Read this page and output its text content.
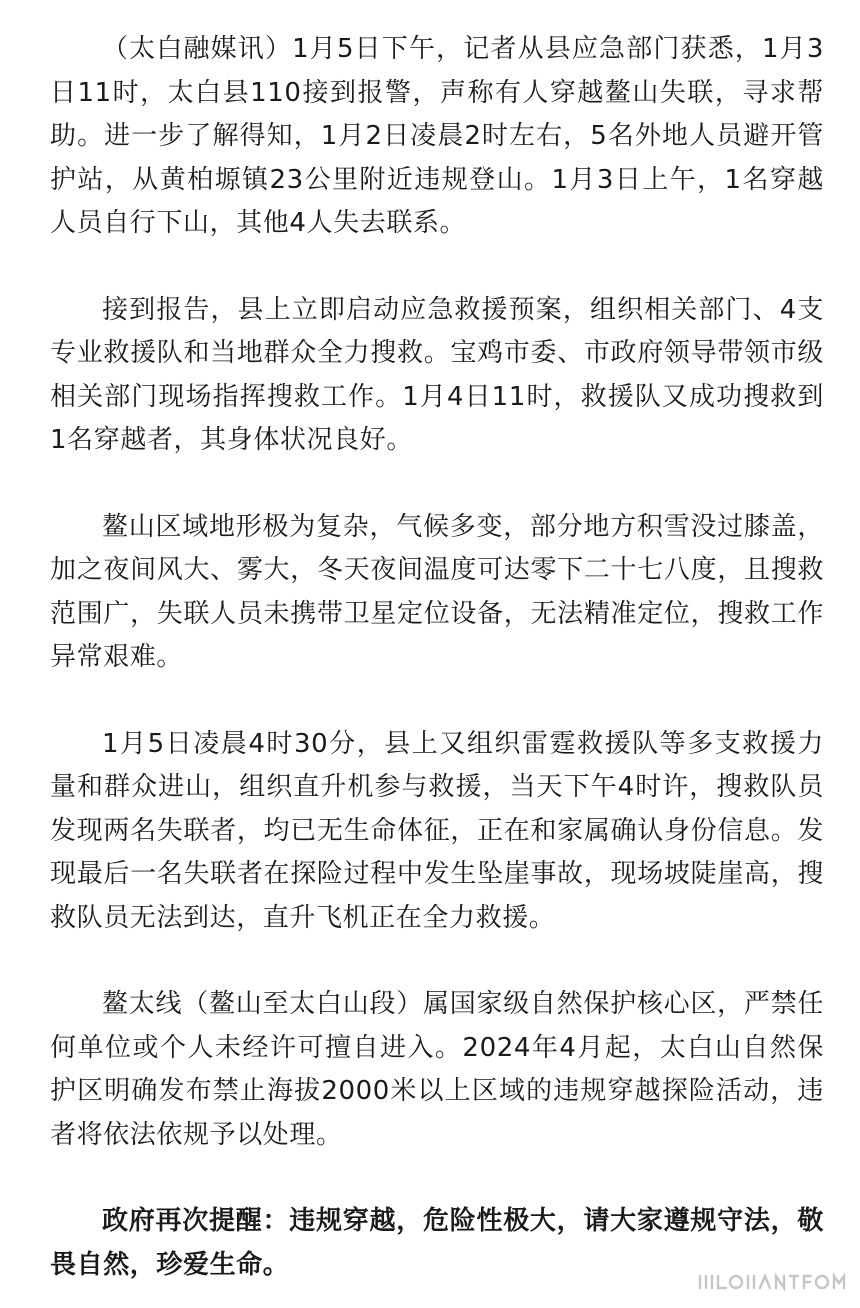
（太白融媒讯）1月5日下午，记者从县应急部门获悉，1月3日11时，太白县110接到报警，声称有人穿越鳌山失联，寻求帮助。进一步了解得知，1月2日凌晨2时左右，5名外地人员避开管护站，从黄柏塬镇23公里附近违规登山。1月3日上午，1名穿越人员自行下山，其他4人失去联系。

接到报告，县上立即启动应急救援预案，组织相关部门、4支专业救援队和当地群众全力搜救。宝鸡市委、市政府领导带领市级相关部门现场指挥搜救工作。1月4日11时，救援队又成功搜救到1名穿越者，其身体状况良好。

鳌山区域地形极为复杂，气候多变，部分地方积雪没过膝盖，加之夜间风大、雾大，冬天夜间温度可达零下二十七八度，且搜救范围广，失联人员未携带卫星定位设备，无法精准定位，搜救工作异常艰难。

1月5日凌晨4时30分，县上又组织雷霆救援队等多支救援力量和群众进山，组织直升机参与救援，当天下午4时许，搜救队员发现两名失联者，均已无生命体征，正在和家属确认身份信息。发现最后一名失联者在探险过程中发生坠崖事故，现场坡陡崖高，搜救队员无法到达，直升飞机正在全力救援。

鳌太线（鳌山至太白山段）属国家级自然保护核心区，严禁任何单位或个人未经许可擅自进入。2024年4月起，太白山自然保护区明确发布禁止海拔2000米以上区域的违规穿越探险活动，违者将依法依规予以处理。

政府再次提醒：违规穿越，危险性极大，请大家遵规守法，敬畏自然，珍爱生命。
